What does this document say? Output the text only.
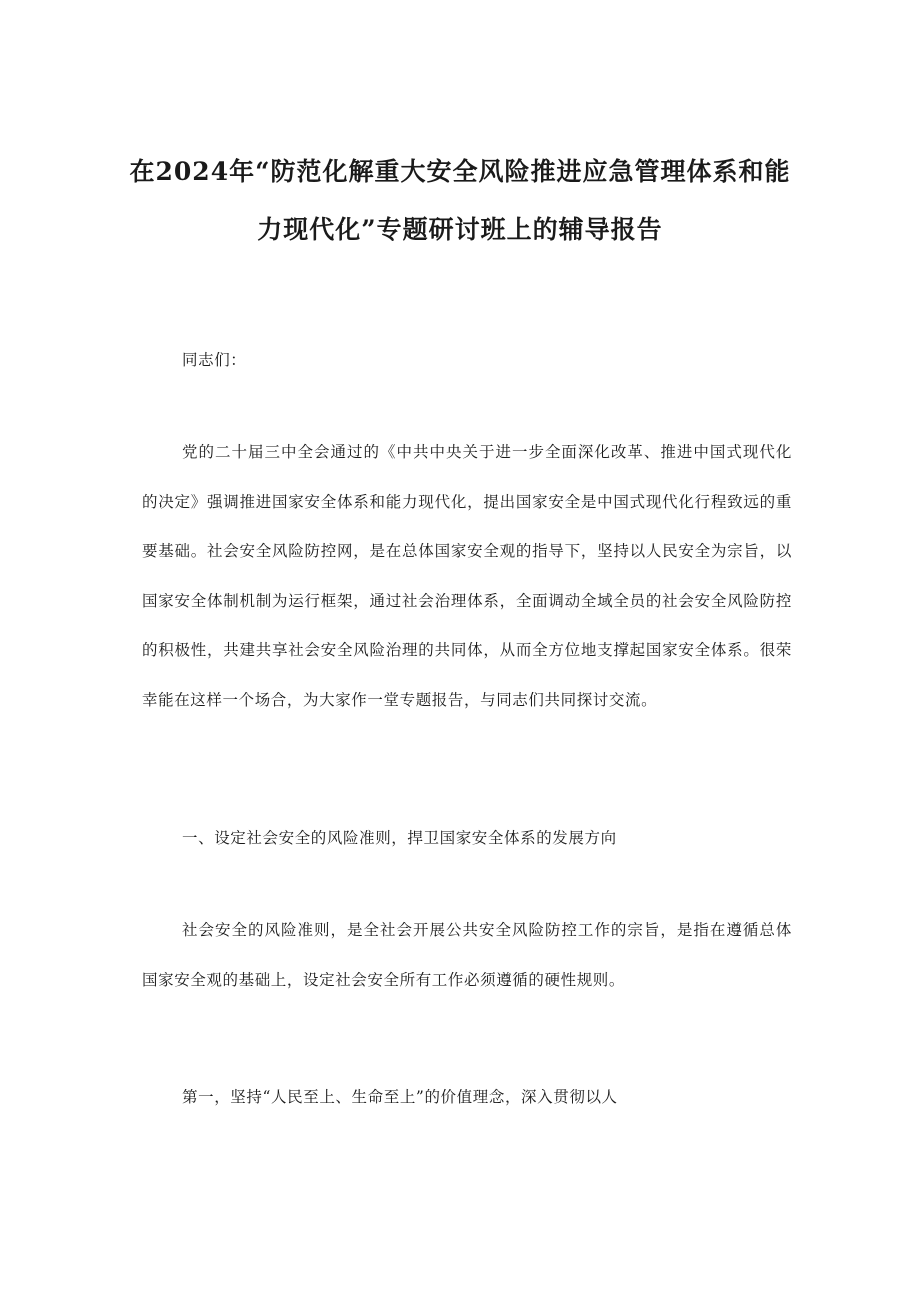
在2024年“防范化解重大安全风险推进应急管理体系和能
力现代化”专题研讨班上的辅导报告
同志们：
党的二十届三中全会通过的《中共中央关于进一步全面深化改革、推进中国式现代化的决定》强调推进国家安全体系和能力现代化，提出国家安全是中国式现代化行程致远的重要基础。社会安全风险防控网，是在总体国家安全观的指导下，坚持以人民安全为宗旨，以国家安全体制机制为运行框架，通过社会治理体系，全面调动全域全员的社会安全风险防控的积极性，共建共享社会安全风险治理的共同体，从而全方位地支撑起国家安全体系。很荣幸能在这样一个场合，为大家作一堂专题报告，与同志们共同探讨交流。
一、设定社会安全的风险准则，捍卫国家安全体系的发展方向
社会安全的风险准则，是全社会开展公共安全风险防控工作的宗旨，是指在遵循总体国家安全观的基础上，设定社会安全所有工作必须遵循的硬性规则。
第一，坚持“人民至上、生命至上”的价值理念，深入贯彻以人
